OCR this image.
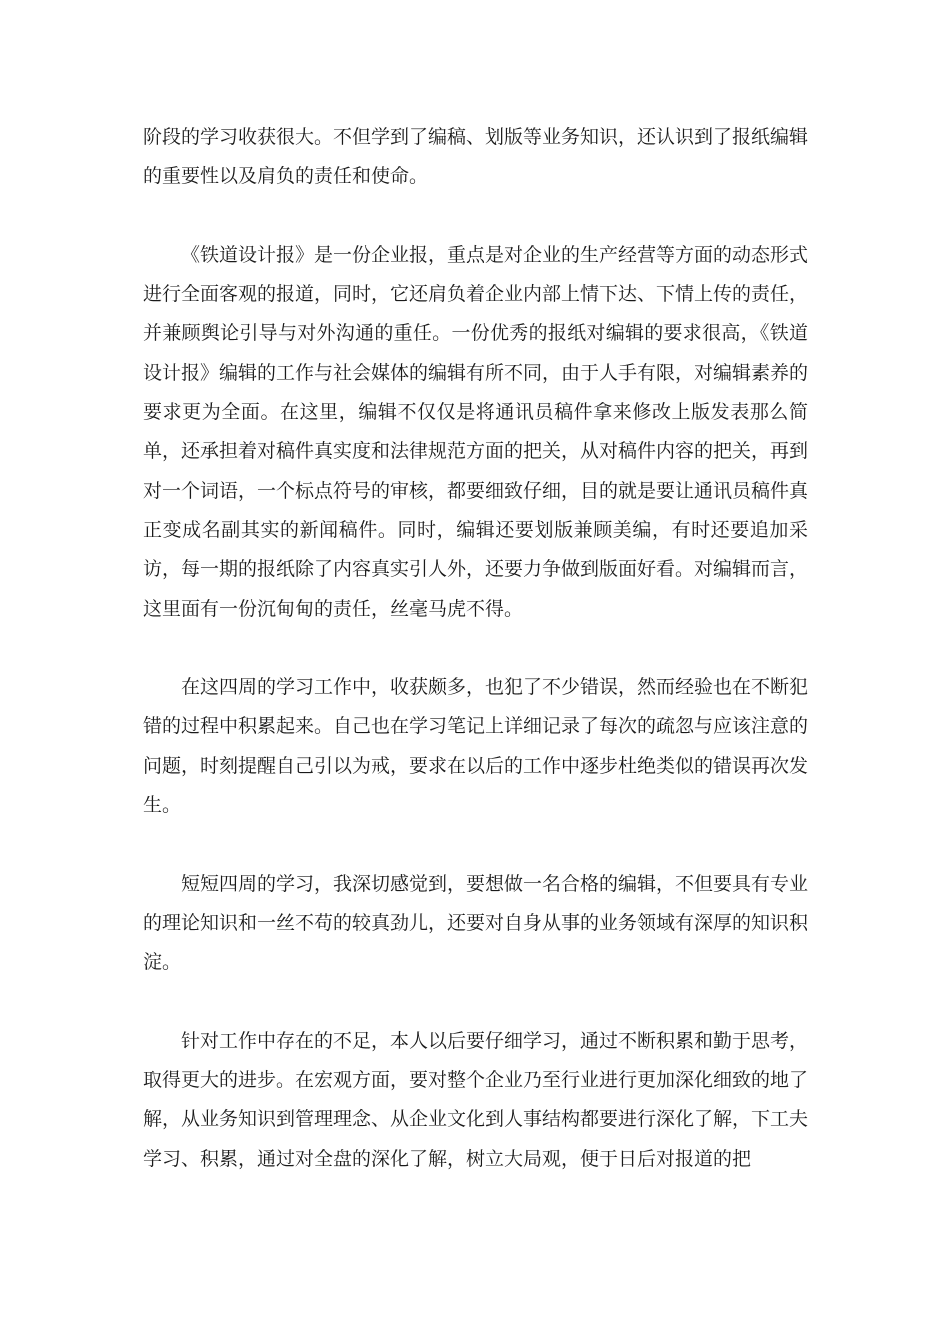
阶段的学习收获很大。不但学到了编稿、划版等业务知识，还认识到了报纸编辑的重要性以及肩负的责任和使命。

《铁道设计报》是一份企业报，重点是对企业的生产经营等方面的动态形式进行全面客观的报道，同时，它还肩负着企业内部上情下达、下情上传的责任，并兼顾舆论引导与对外沟通的重任。一份优秀的报纸对编辑的要求很高，《铁道设计报》编辑的工作与社会媒体的编辑有所不同，由于人手有限，对编辑素养的要求更为全面。在这里，编辑不仅仅是将通讯员稿件拿来修改上版发表那么简单，还承担着对稿件真实度和法律规范方面的把关，从对稿件内容的把关，再到对一个词语，一个标点符号的审核，都要细致仔细，目的就是要让通讯员稿件真正变成名副其实的新闻稿件。同时，编辑还要划版兼顾美编，有时还要追加采访，每一期的报纸除了内容真实引人外，还要力争做到版面好看。对编辑而言，这里面有一份沉甸甸的责任，丝毫马虎不得。

在这四周的学习工作中，收获颇多，也犯了不少错误，然而经验也在不断犯错的过程中积累起来。自己也在学习笔记上详细记录了每次的疏忽与应该注意的问题，时刻提醒自己引以为戒，要求在以后的工作中逐步杜绝类似的错误再次发生。

短短四周的学习，我深切感觉到，要想做一名合格的编辑，不但要具有专业的理论知识和一丝不苟的较真劲儿，还要对自身从事的业务领域有深厚的知识积淀。

针对工作中存在的不足，本人以后要仔细学习，通过不断积累和勤于思考，取得更大的进步。在宏观方面，要对整个企业乃至行业进行更加深化细致的地了解，从业务知识到管理理念、从企业文化到人事结构都要进行深化了解，下工夫学习、积累，通过对全盘的深化了解，树立大局观，便于日后对报道的把
